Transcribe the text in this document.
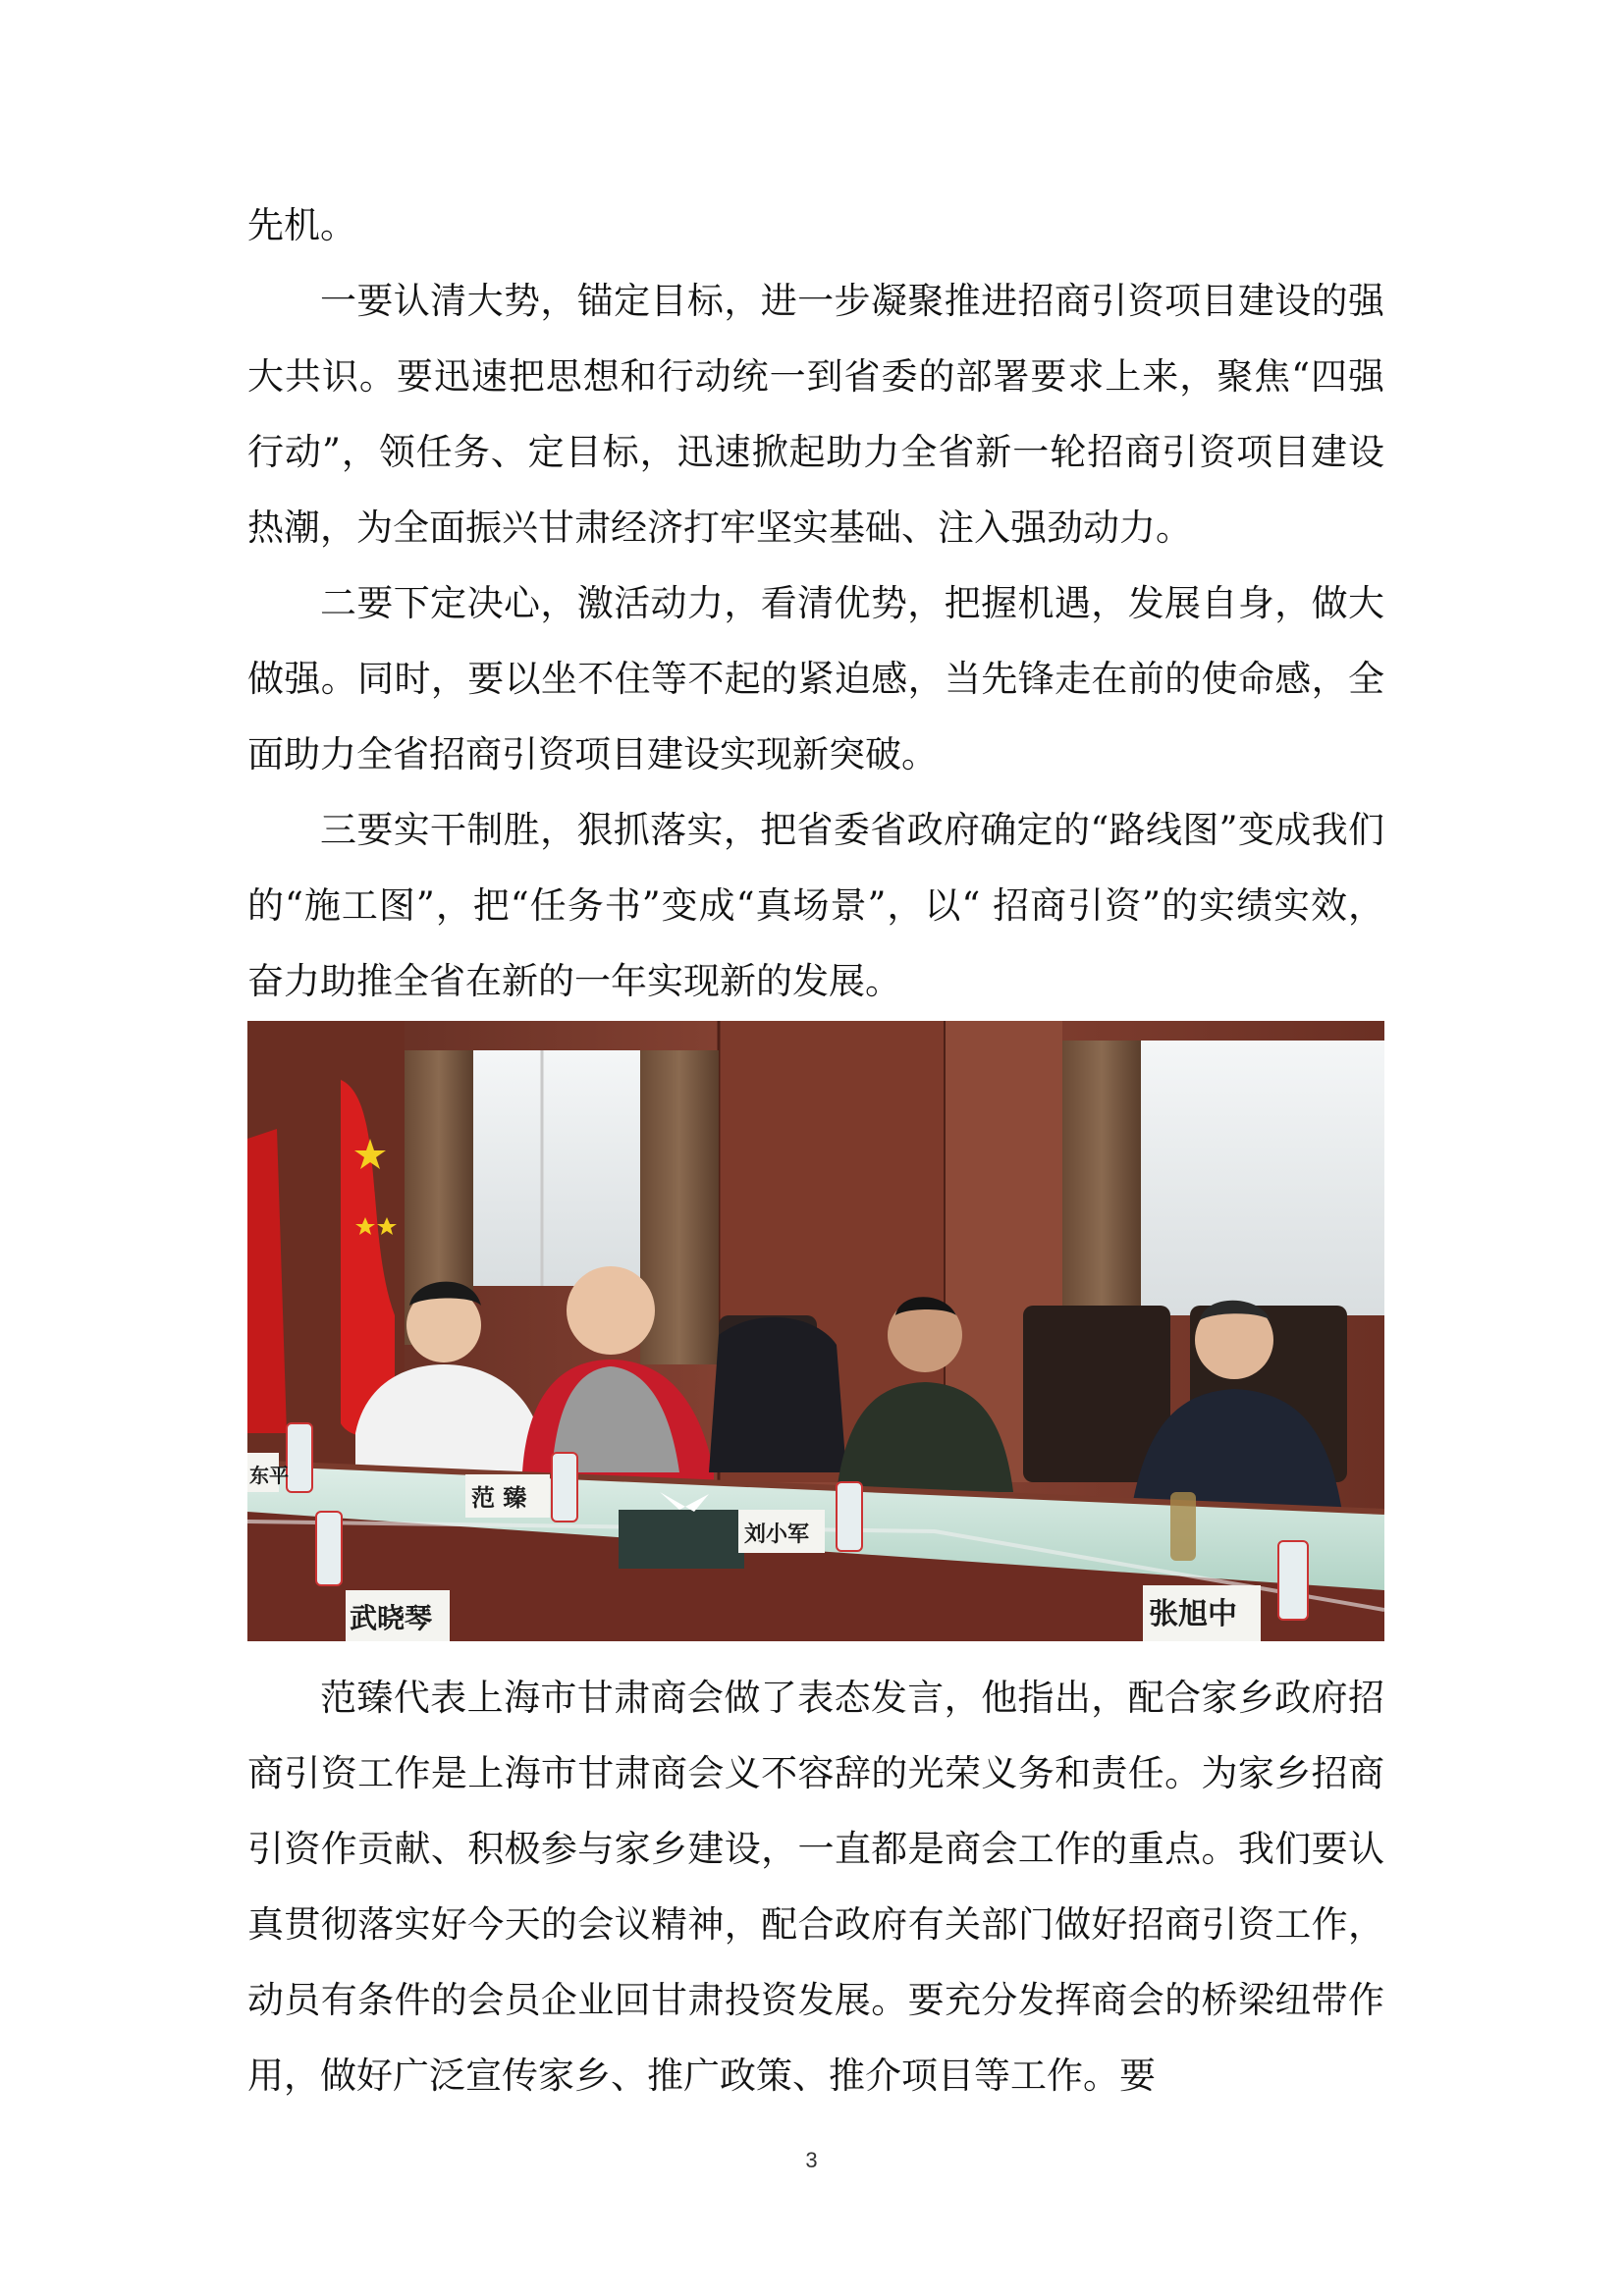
先机。

一要认清大势，锚定目标，进一步凝聚推进招商引资项目建设的强大共识。要迅速把思想和行动统一到省委的部署要求上来，聚焦“四强行动”，领任务、定目标，迅速掀起助力全省新一轮招商引资项目建设热潮，为全面振兴甘肃经济打牢坚实基础、注入强劲动力。

二要下定决心，激活动力，看清优势，把握机遇，发展自身，做大做强。同时，要以坐不住等不起的紧迫感，当先锋走在前的使命感，全面助力全省招商引资项目建设实现新突破。

三要实干制胜，狠抓落实，把省委省政府确定的“路线图”变成我们的“施工图”，把“任务书”变成“真场景”，以“ 招商引资”的实绩实效，奋力助推全省在新的一年实现新的发展。

东平
范 臻
刘小军
武晓琴	张旭中

范臻代表上海市甘肃商会做了表态发言，他指出，配合家乡政府招商引资工作是上海市甘肃商会义不容辞的光荣义务和责任。为家乡招商引资作贡献、积极参与家乡建设，一直都是商会工作的重点。我们要认真贯彻落实好今天的会议精神，配合政府有关部门做好招商引资工作，动员有条件的会员企业回甘肃投资发展。要充分发挥商会的桥梁纽带作用，做好广泛宣传家乡、推广政策、推介项目等工作。要

3
